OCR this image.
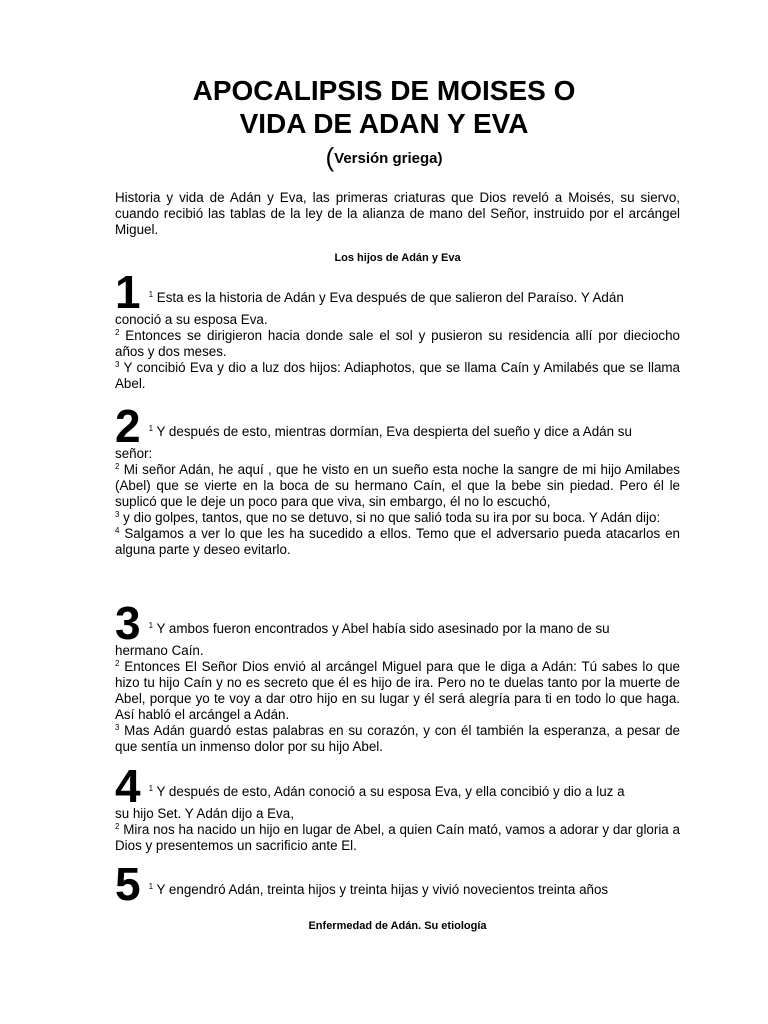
APOCALIPSIS DE MOISES O
VIDA DE ADAN Y EVA
(Versión griega)

Historia y vida de Adán y Eva, las primeras criaturas que Dios reveló a Moisés, su siervo, cuando recibió las tablas de la ley de la alianza de mano del Señor, instruido por el arcángel Miguel.

Los hijos de Adán y Eva
1 $^1$ Esta es la historia de Adán y Eva después de que salieron del Paraíso. Y Adán
conoció a su esposa Eva.

$^2$ Entonces se dirigieron hacia donde sale el sol y pusieron su residencia allí por dieciocho años y dos meses.

$^3$ Y concibió Eva y dio a luz dos hijos: Adiaphotos, que se llama Caín y Amilabés que se llama Abel.

2 $^1$ Y después de esto, mientras dormían, Eva despierta del sueño y dice a Adán su
señor:

$^2$ Mi señor Adán, he aquí , que he visto en un sueño esta noche la sangre de mi hijo Amilabes (Abel) que se vierte en la boca de su hermano Caín, el que la bebe sin piedad. Pero él le suplicó que le deje un poco para que viva, sin embargo, él no lo escuchó,

$^3$ y dio golpes, tantos, que no se detuvo, si no que salió toda su ira por su boca. Y Adán dijo:

$^4$ Salgamos a ver lo que les ha sucedido a ellos. Temo que el adversario pueda atacarlos en alguna parte y deseo evitarlo.

3 $^1$ Y ambos fueron encontrados y Abel había sido asesinado por la mano de su
hermano Caín.

$^2$ Entonces El Señor Dios envió al arcángel Miguel para que le diga a Adán: Tú sabes lo que hizo tu hijo Caín y no es secreto que él es hijo de ira. Pero no te duelas tanto por la muerte de Abel, porque yo te voy a dar otro hijo en su lugar y él será alegría para ti en todo lo que haga. Así habló el arcángel a Adán.

$^3$ Mas Adán guardó estas palabras en su corazón, y con él también la esperanza, a pesar de que sentía un inmenso dolor por su hijo Abel.

4 $^1$ Y después de esto, Adán conoció a su esposa Eva, y ella concibió y dio a luz a
su hijo Set. Y Adán dijo a Eva,

$^2$ Mira nos ha nacido un hijo en lugar de Abel, a quien Caín mató, vamos a adorar y dar gloria a Dios y presentemos un sacrificio ante El.

5 $^1$ Y engendró Adán, treinta hijos y treinta hijas y vivió novecientos treinta años
Enfermedad de Adán. Su etiología
